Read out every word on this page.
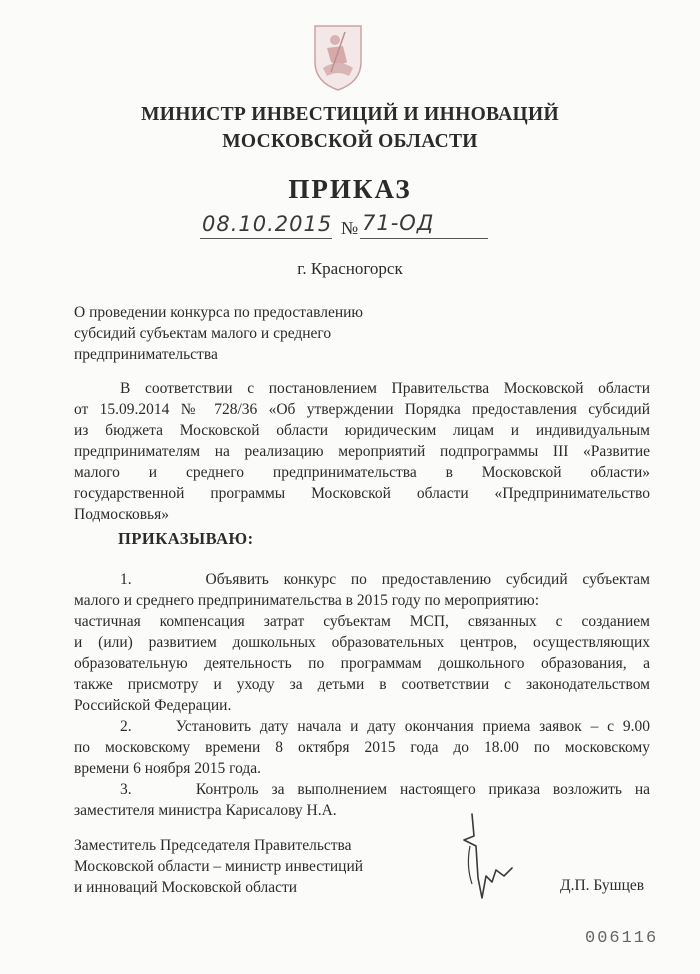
МИНИСТР ИНВЕСТИЦИЙ И ИННОВАЦИЙ
МОСКОВСКОЙ ОБЛАСТИ
ПРИКАЗ
08.10.2015 № 71-ОД
г. Красногорск
О проведении конкурса по предоставлению
субсидий субъектам малого и среднего
предпринимательства
В соответствии с постановлением Правительства Московской области
от 15.09.2014 № 728/36 «Об утверждении Порядка предоставления субсидий
из бюджета Московской области юридическим лицам и индивидуальным
предпринимателям на реализацию мероприятий подпрограммы III «Развитие
малого и среднего предпринимательства в Московской области»
государственной программы Московской области «Предпринимательство
Подмосковья»
ПРИКАЗЫВАЮ:
1.     Объявить конкурс по предоставлению субсидий субъектам
малого и среднего предпринимательства в 2015 году по мероприятию:
частичная компенсация затрат субъектам МСП, связанных с созданием
и (или) развитием дошкольных образовательных центров, осуществляющих
образовательную деятельность по программам дошкольного образования, а
также присмотру и уходу за детьми в соответствии с законодательством
Российской Федерации.
2.     Установить дату начала и дату окончания приема заявок – с 9.00
по московскому времени 8 октября 2015 года до 18.00 по московскому
времени 6 ноября 2015 года.
3.     Контроль за выполнением настоящего приказа возложить на
заместителя министра Карисалову Н.А.
Заместитель Председателя Правительства
Московской области – министр инвестиций
и инноваций Московской области	Д.П. Бушцев
006116
